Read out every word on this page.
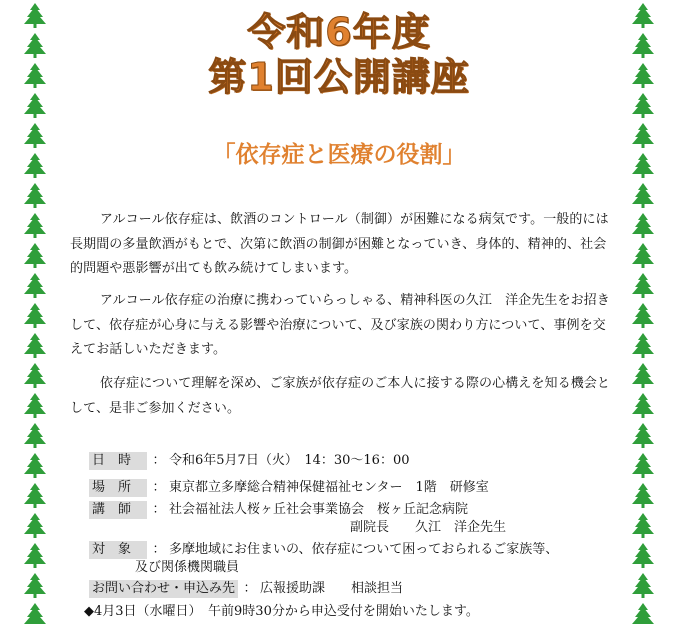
令和6年度
第1回公開講座
「依存症と医療の役割」

アルコール依存症は、飲酒のコントロール（制御）が困難になる病気です。一般的には長期間の多量飲酒がもとで、次第に飲酒の制御が困難となっていき、身体的、精神的、社会的問題や悪影響が出ても飲み続けてしまいます。

アルコール依存症の治療に携わっていらっしゃる、精神科医の久江　洋企先生をお招きして、依存症が心身に与える影響や治療について、及び家族の関わり方について、事例を交えてお話しいただきます。

依存症について理解を深め、ご家族が依存症のご本人に接する際の心構えを知る機会として、是非ご参加ください。

日時 ： 令和6年5月7日（火）　14：30〜16：00
場所 ： 東京都立多摩総合精神保健福祉センター　1階　研修室
講師 ： 社会福祉法人桜ヶ丘社会事業協会　桜ヶ丘記念病院
副院長　　久江　洋企先生
対象 ： 多摩地域にお住まいの、依存症について困っておられるご家族等、
及び関係機関職員
お問い合わせ・申込み先 ： 広報援助課　　相談担当
◆4月3日（水曜日）　午前9時30分から申込受付を開始いたします。
